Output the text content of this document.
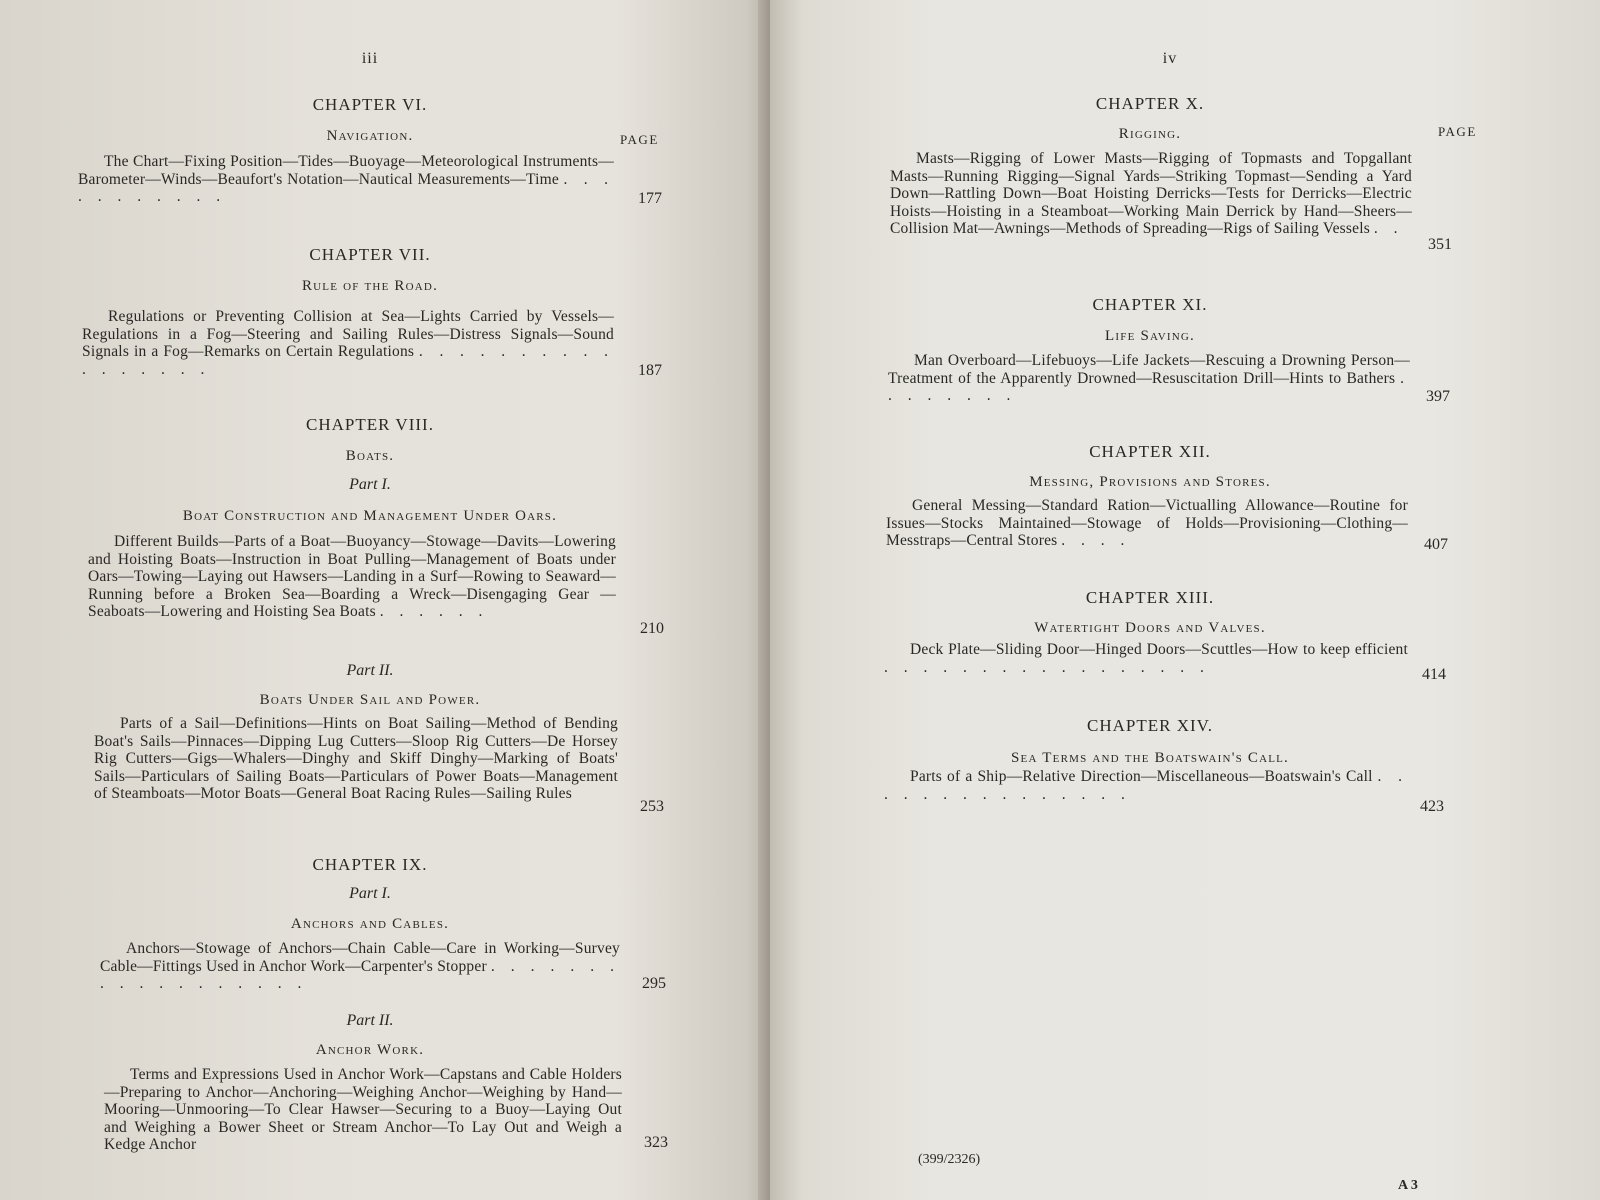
iii
CHAPTER VI.
Navigation.	PAGE
The Chart—Fixing Position—Tides—Buoyage—Meteorological Instruments—Barometer—Winds—Beaufort's Notation—Nautical Measurements—Time . . . . . . . . . . .	177
CHAPTER VII.
Rule of the Road.
Regulations or Preventing Collision at Sea—Lights Carried by Vessels—Regulations in a Fog—Steering and Sailing Rules—Distress Signals—Sound Signals in a Fog—Remarks on Certain Regulations . . . . . . . . . . . . . . . . .	187
CHAPTER VIII.
Boats.
Part I.
Boat Construction and Management Under Oars.
Different Builds—Parts of a Boat—Buoyancy—Stowage—Davits—Lowering and Hoisting Boats—Instruction in Boat Pulling—Management of Boats under Oars—Towing—Laying out Hawsers—Landing in a Surf—Rowing to Seaward—Running before a Broken Sea—Boarding a Wreck—Disengaging Gear —Seaboats—Lowering and Hoisting Sea Boats . . . . . .
210
Part II.
Boats Under Sail and Power.
Parts of a Sail—Definitions—Hints on Boat Sailing—Method of Bending Boat's Sails—Pinnaces—Dipping Lug Cutters—Sloop Rig Cutters—De Horsey Rig Cutters—Gigs—Whalers—Dinghy and Skiff Dinghy—Marking of Boats' Sails—Particulars of Sailing Boats—Particulars of Power Boats—Management of Steamboats—Motor Boats—General Boat Racing Rules—Sailing Rules
253
CHAPTER IX.
Part I.
Anchors and Cables.
Anchors—Stowage of Anchors—Chain Cable—Care in Working—Survey Cable—Fittings Used in Anchor Work—Carpenter's Stopper . . . . . . . . . . . . . . . . . .	295
Part II.
Anchor Work.
Terms and Expressions Used in Anchor Work—Capstans and Cable Holders—Preparing to Anchor—Anchoring—Weighing Anchor—Weighing by Hand—Mooring—Unmooring—To Clear Hawser—Securing to a Buoy—Laying Out and Weighing a Bower Sheet or Stream Anchor—To Lay Out and Weigh a Kedge Anchor	323
iv
CHAPTER X.
Rigging.	PAGE
Masts—Rigging of Lower Masts—Rigging of Topmasts and Topgallant Masts—Running Rigging—Signal Yards—Striking Topmast—Sending a Yard Down—Rattling Down—Boat Hoisting Derricks—Tests for Derricks—Electric Hoists—Hoisting in a Steamboat—Working Main Derrick by Hand—Sheers—Collision Mat—Awnings—Methods of Spreading—Rigs of Sailing Vessels . .
351
CHAPTER XI.
Life Saving.
Man Overboard—Lifebuoys—Life Jackets—Rescuing a Drowning Person—Treatment of the Apparently Drowned—Resuscitation Drill—Hints to Bathers . . . . . . . .	397
CHAPTER XII.
Messing, Provisions and Stores.
General Messing—Standard Ration—Victualling Allowance—Routine for Issues—Stocks Maintained—Stowage of Holds—Provisioning—Clothing—Messtraps—Central Stores . . . .	407
CHAPTER XIII.
Watertight Doors and Valves.
Deck Plate—Sliding Door—Hinged Doors—Scuttles—How to keep efficient . . . . . . . . . . . . . . . . .	414
CHAPTER XIV.
Sea Terms and the Boatswain's Call.
Parts of a Ship—Relative Direction—Miscellaneous—Boatswain's Call . . . . . . . . . . . . . . .
423
(399/2326)
A 3
